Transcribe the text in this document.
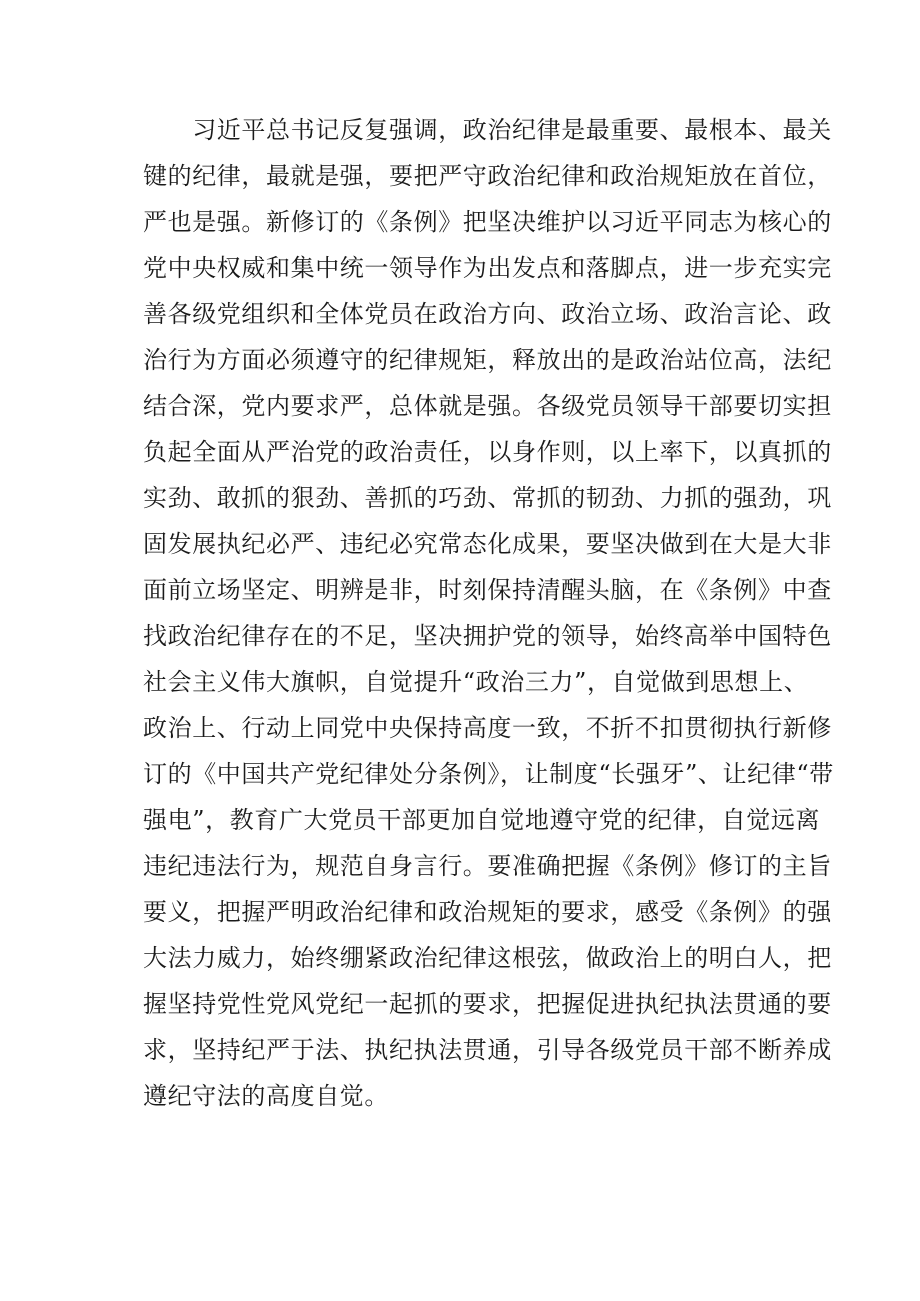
　　习近平总书记反复强调，政治纪律是最重要、最根本、最关
键的纪律，最就是强，要把严守政治纪律和政治规矩放在首位，
严也是强。新修订的《条例》把坚决维护以习近平同志为核心的
党中央权威和集中统一领导作为出发点和落脚点，进一步充实完
善各级党组织和全体党员在政治方向、政治立场、政治言论、政
治行为方面必须遵守的纪律规矩，释放出的是政治站位高，法纪
结合深，党内要求严，总体就是强。各级党员领导干部要切实担
负起全面从严治党的政治责任，以身作则，以上率下，以真抓的
实劲、敢抓的狠劲、善抓的巧劲、常抓的韧劲、力抓的强劲，巩
固发展执纪必严、违纪必究常态化成果，要坚决做到在大是大非
面前立场坚定、明辨是非，时刻保持清醒头脑，在《条例》中查
找政治纪律存在的不足，坚决拥护党的领导，始终高举中国特色
社会主义伟大旗帜，自觉提升“政治三力”，自觉做到思想上、
政治上、行动上同党中央保持高度一致，不折不扣贯彻执行新修
订的《中国共产党纪律处分条例》，让制度“长强牙”、让纪律“带
强电”，教育广大党员干部更加自觉地遵守党的纪律，自觉远离
违纪违法行为，规范自身言行。要准确把握《条例》修订的主旨
要义，把握严明政治纪律和政治规矩的要求，感受《条例》的强
大法力威力，始终绷紧政治纪律这根弦，做政治上的明白人，把
握坚持党性党风党纪一起抓的要求，把握促进执纪执法贯通的要
求，坚持纪严于法、执纪执法贯通，引导各级党员干部不断养成
遵纪守法的高度自觉。
